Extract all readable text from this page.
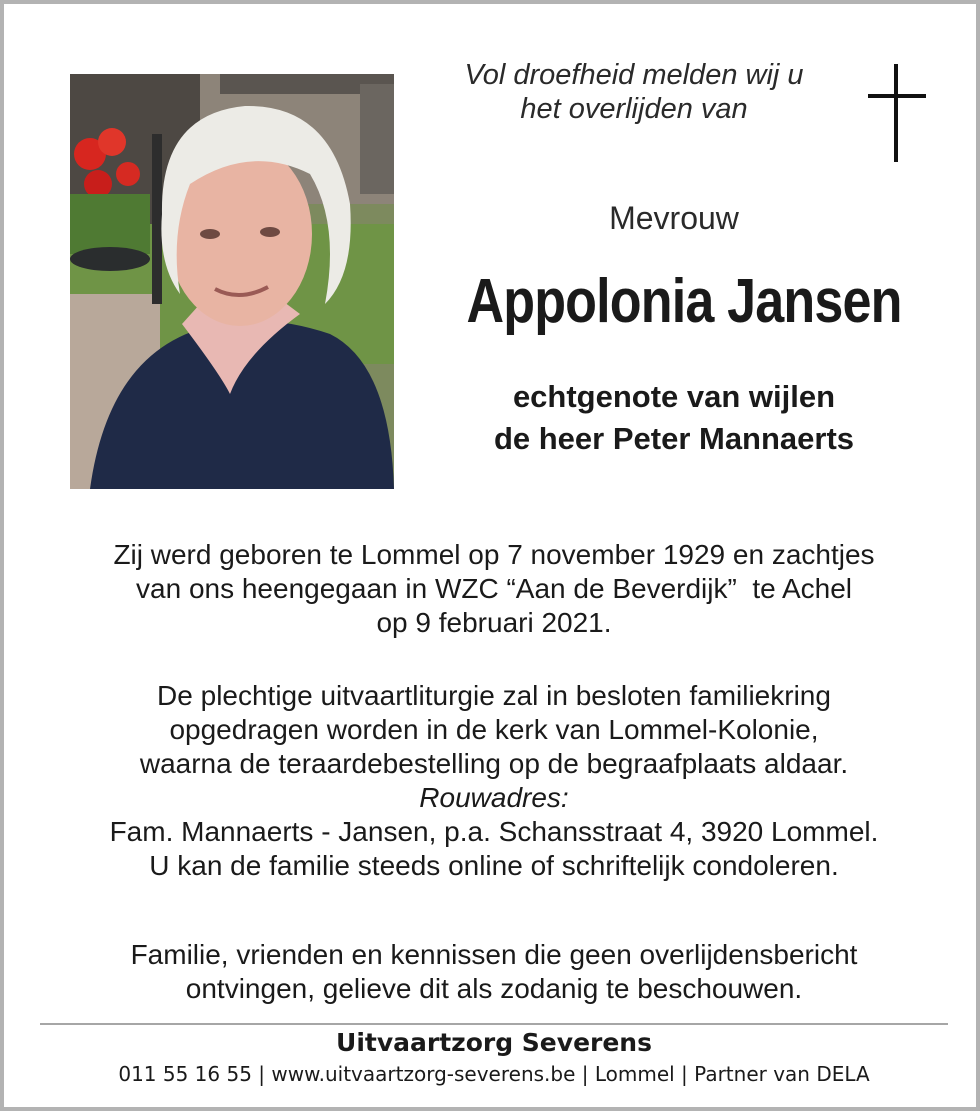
Vol droefheid melden wij u
het overlijden van
Mevrouw
Appolonia Jansen
echtgenote van wijlen
de heer Peter Mannaerts
Zij werd geboren te Lommel op 7 november 1929 en zachtjes
van ons heengegaan in WZC “Aan de Beverdijk”  te Achel
op 9 februari 2021.
De plechtige uitvaartliturgie zal in besloten familiekring
opgedragen worden in de kerk van Lommel-Kolonie,
waarna de teraardebestelling op de begraafplaats aldaar.
Rouwadres:
Fam. Mannaerts - Jansen, p.a. Schansstraat 4, 3920 Lommel.
U kan de familie steeds online of schriftelijk condoleren.
Familie, vrienden en kennissen die geen overlijdensbericht
ontvingen, gelieve dit als zodanig te beschouwen.
Uitvaartzorg Severens
011 55 16 55 | www.uitvaartzorg-severens.be | Lommel | Partner van DELA
